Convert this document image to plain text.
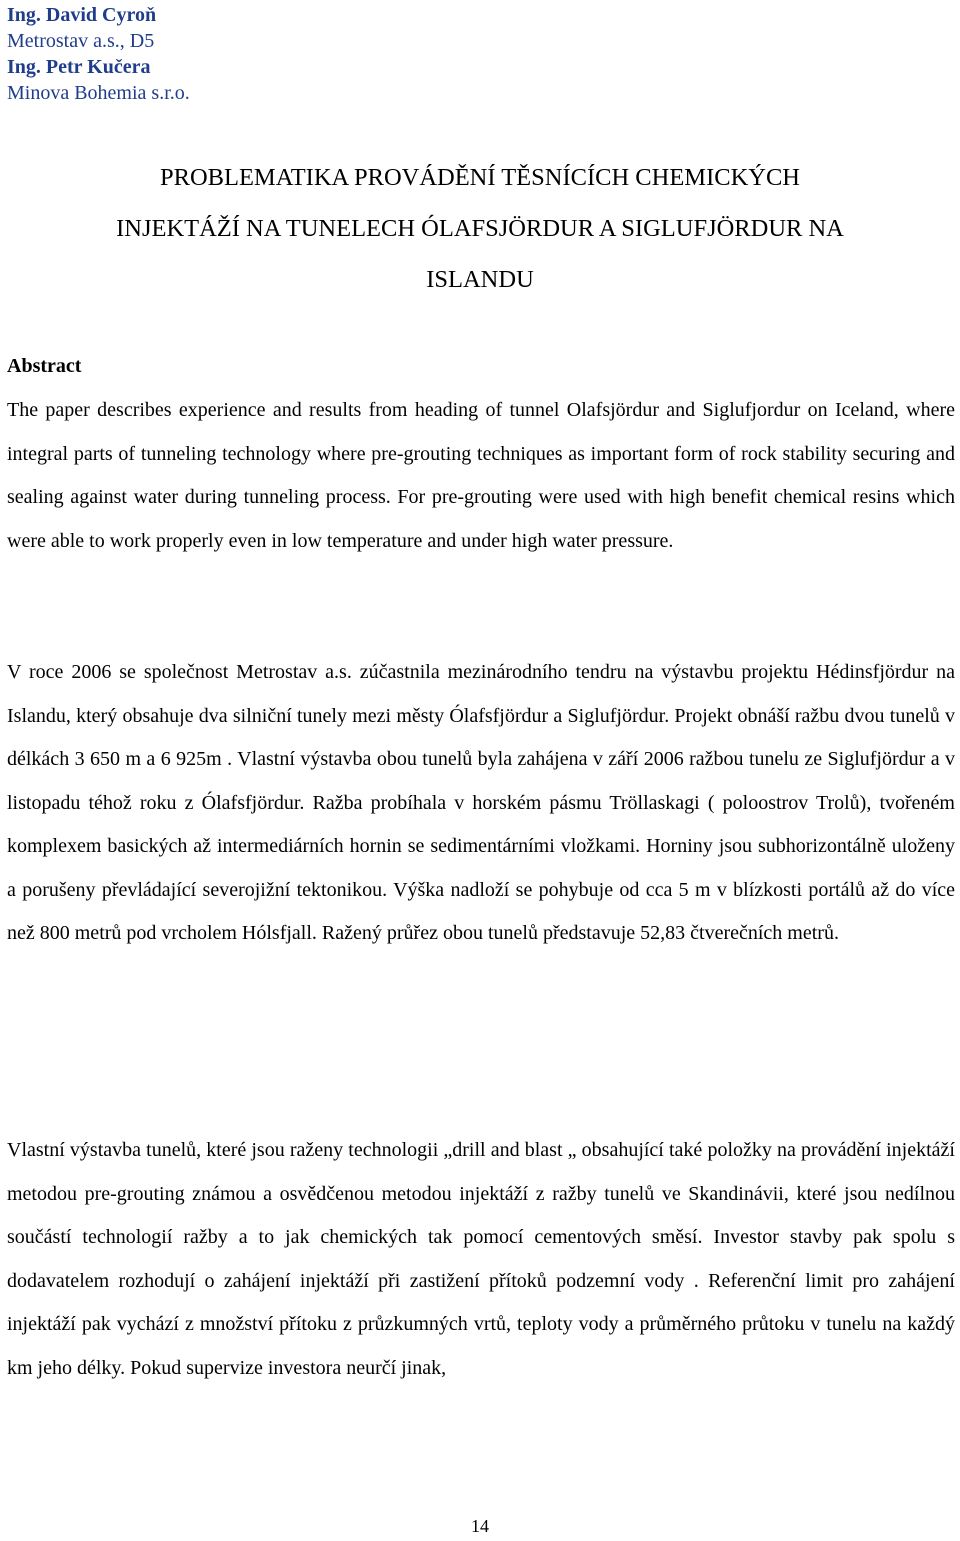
Ing. David Cyroň
Metrostav a.s., D5
Ing. Petr Kučera
Minova Bohemia s.r.o.
PROBLEMATIKA PROVÁDĚNÍ TĚSNÍCÍCH CHEMICKÝCH
INJEKTÁŽÍ NA TUNELECH ÓLAFSJÖRDUR A SIGLUFJÖRDUR NA
ISLANDU
Abstract

The paper describes experience and results from heading of tunnel Olafsjördur and Siglufjordur on Iceland, where integral parts of tunneling technology where pre-grouting techniques as important form of rock stability securing and sealing against water during tunneling process. For pre-grouting were used with high benefit chemical resins which were able to work properly even in low temperature and under high water pressure.

V roce 2006 se společnost Metrostav a.s. zúčastnila mezinárodního tendru na výstavbu projektu Hédinsfjördur na Islandu, který obsahuje dva silniční tunely mezi městy Ólafsfjördur a Siglufjördur. Projekt obnáší ražbu dvou tunelů v délkách 3 650 m a 6 925m . Vlastní výstavba obou tunelů byla zahájena v září 2006 ražbou tunelu ze Siglufjördur a v listopadu téhož roku z Ólafsfjördur. Ražba probíhala v horském pásmu Tröllaskagi ( poloostrov Trolů), tvořeném komplexem basických až intermediárních hornin se sedimentárními vložkami. Horniny jsou subhorizontálně uloženy a porušeny převládající severojižní tektonikou. Výška nadloží se pohybuje od cca 5 m v blízkosti portálů až do více než 800 metrů pod vrcholem Hólsfjall. Ražený průřez obou tunelů představuje 52,83 čtverečních metrů.

Vlastní výstavba tunelů, které jsou raženy technologii „drill and blast „ obsahující také položky na provádění injektáží metodou pre-grouting známou a osvědčenou metodou injektáží z ražby tunelů ve Skandinávii, které jsou nedílnou součástí technologií ražby a to jak chemických tak pomocí cementových směsí. Investor stavby pak spolu s dodavatelem rozhodují o zahájení injektáží při zastižení přítoků podzemní vody . Referenční limit pro zahájení injektáží pak vychází z množství přítoku z průzkumných vrtů, teploty vody a průměrného průtoku v tunelu na každý km jeho délky. Pokud supervize investora neurčí jinak,

14
